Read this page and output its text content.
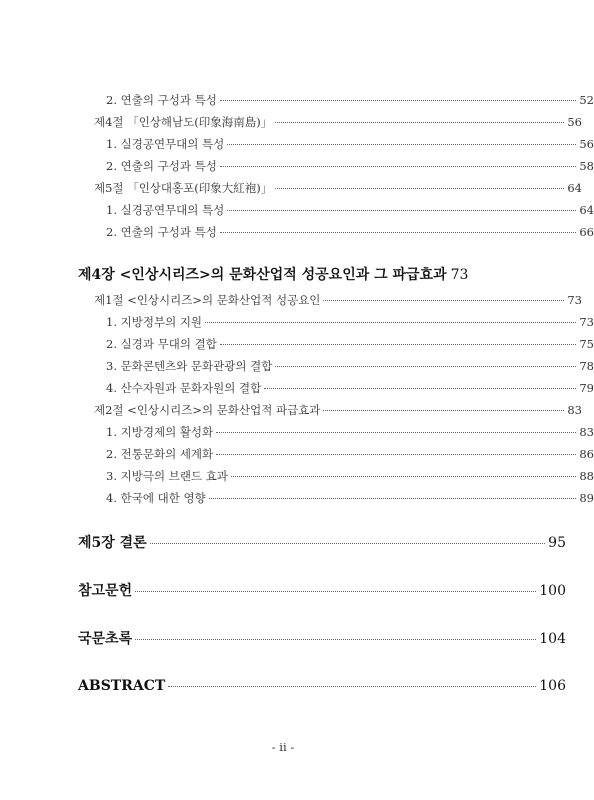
2. 연출의 구성과 특성	52
제4절 「인상해남도(印象海南島)」	56
1. 실경공연무대의 특성	56
2. 연출의 구성과 특성	58
제5절 「인상대홍포(印象大紅袍)」	64
1. 실경공연무대의 특성	64
2. 연출의 구성과 특성	66
제4장 <인상시리즈>의 문화산업적 성공요인과 그 파급효과 73
제1절 <인상시리즈>의 문화산업적 성공요인	73
1. 지방정부의 지원	73
2. 실경과 무대의 결합	75
3. 문화콘텐츠와 문화관광의 결합	78
4. 산수자원과 문화자원의 결합	79
제2절 <인상시리즈>의 문화산업적 파급효과	83
1. 지방경제의 활성화	83
2. 전통문화의 세계화	86
3. 지방극의 브랜드 효과	88
4. 한국에 대한 영향	89
제5장 결론	95
참고문헌	100
국문초록	104
ABSTRACT	106
- ii -
